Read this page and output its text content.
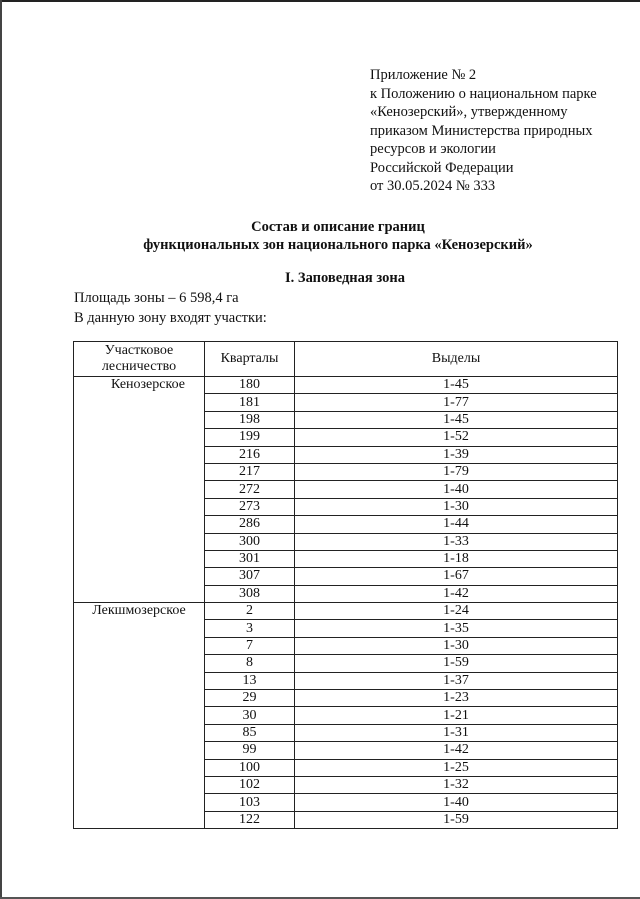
Приложение № 2
к Положению о национальном парке
«Кенозерский», утвержденному
приказом Министерства природных
ресурсов и экологии
Российской Федерации
от 30.05.2024 № 333
Состав и описание границ
функциональных зон национального парка «Кенозерский»
I. Заповедная зона
Площадь зоны – 6 598,4 га
В данную зону входят участки:
Участковое лесничество	Кварталы	Выделы
Кенозерское	180	1-45
	181	1-77
	198	1-45
	199	1-52
	216	1-39
	217	1-79
	272	1-40
	273	1-30
	286	1-44
	300	1-33
	301	1-18
	307	1-67
	308	1-42
Лекшмозерское	2	1-24
	3	1-35
	7	1-30
	8	1-59
	13	1-37
	29	1-23
	30	1-21
	85	1-31
	99	1-42
	100	1-25
	102	1-32
	103	1-40
	122	1-59
